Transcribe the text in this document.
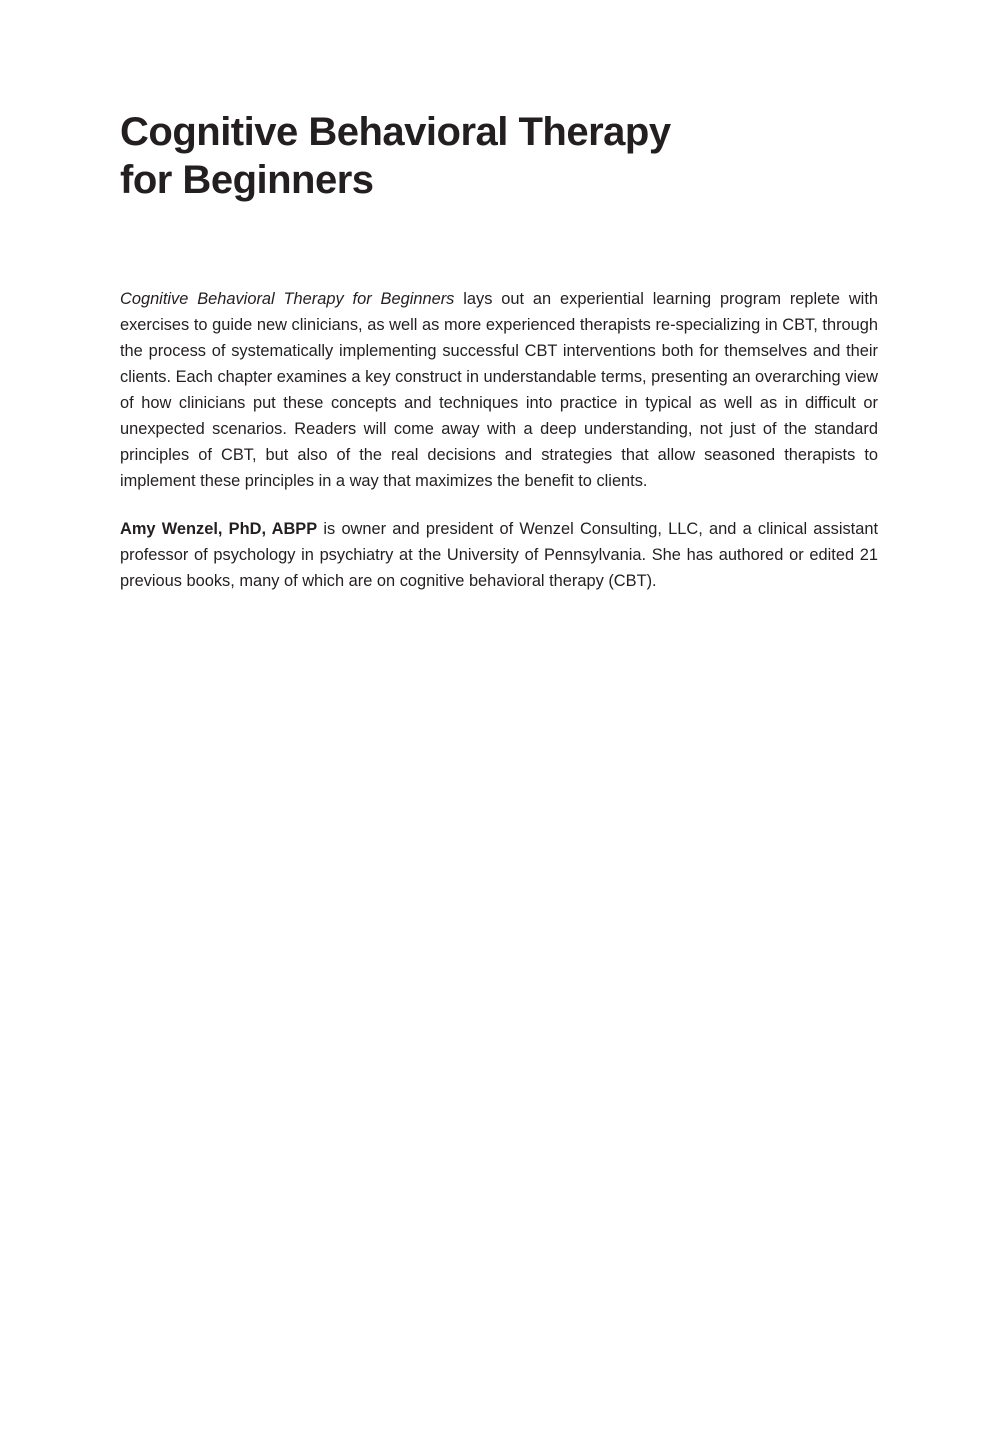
Cognitive Behavioral Therapy
for Beginners

Cognitive Behavioral Therapy for Beginners lays out an experiential learning program replete with exercises to guide new clinicians, as well as more experienced therapists re-specializing in CBT, through the process of systematically implementing successful CBT interventions both for themselves and their clients. Each chapter examines a key construct in understandable terms, presenting an overarching view of how clinicians put these concepts and techniques into practice in typical as well as in difficult or unexpected scenarios. Readers will come away with a deep understanding, not just of the standard principles of CBT, but also of the real decisions and strategies that allow seasoned therapists to implement these principles in a way that maximizes the benefit to clients.

Amy Wenzel, PhD, ABPP is owner and president of Wenzel Consulting, LLC, and a clinical assistant professor of psychology in psychiatry at the University of Pennsylvania. She has authored or edited 21 previous books, many of which are on cognitive behavioral therapy (CBT).
